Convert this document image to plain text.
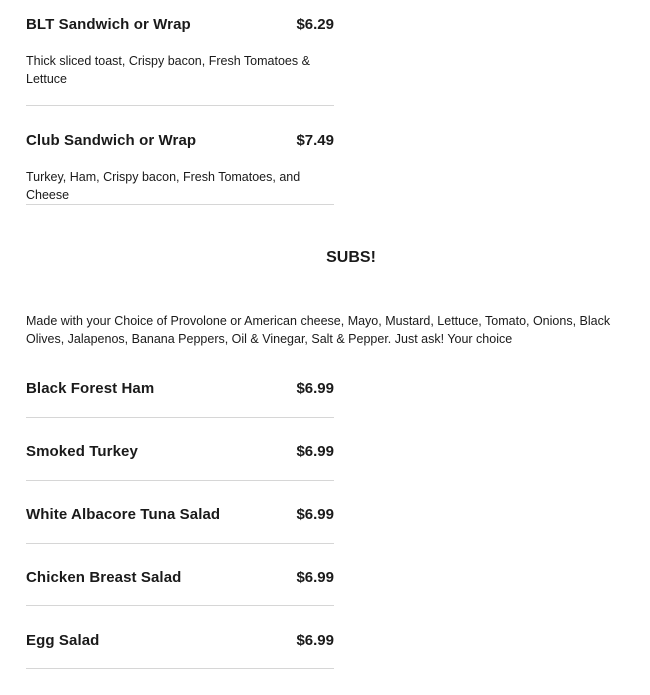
BLT Sandwich or Wrap	$6.29
Thick sliced toast, Crispy bacon, Fresh Tomatoes & Lettuce
Club Sandwich or Wrap	$7.49
Turkey, Ham, Crispy bacon, Fresh Tomatoes, and Cheese
SUBS!
Made with your Choice of Provolone or American cheese, Mayo, Mustard, Lettuce, Tomato, Onions, Black Olives, Jalapenos, Banana Peppers, Oil & Vinegar, Salt & Pepper. Just ask! Your choice
Black Forest Ham	$6.99
Smoked Turkey	$6.99
White Albacore Tuna Salad	$6.99
Chicken Breast Salad	$6.99
Egg Salad	$6.99
